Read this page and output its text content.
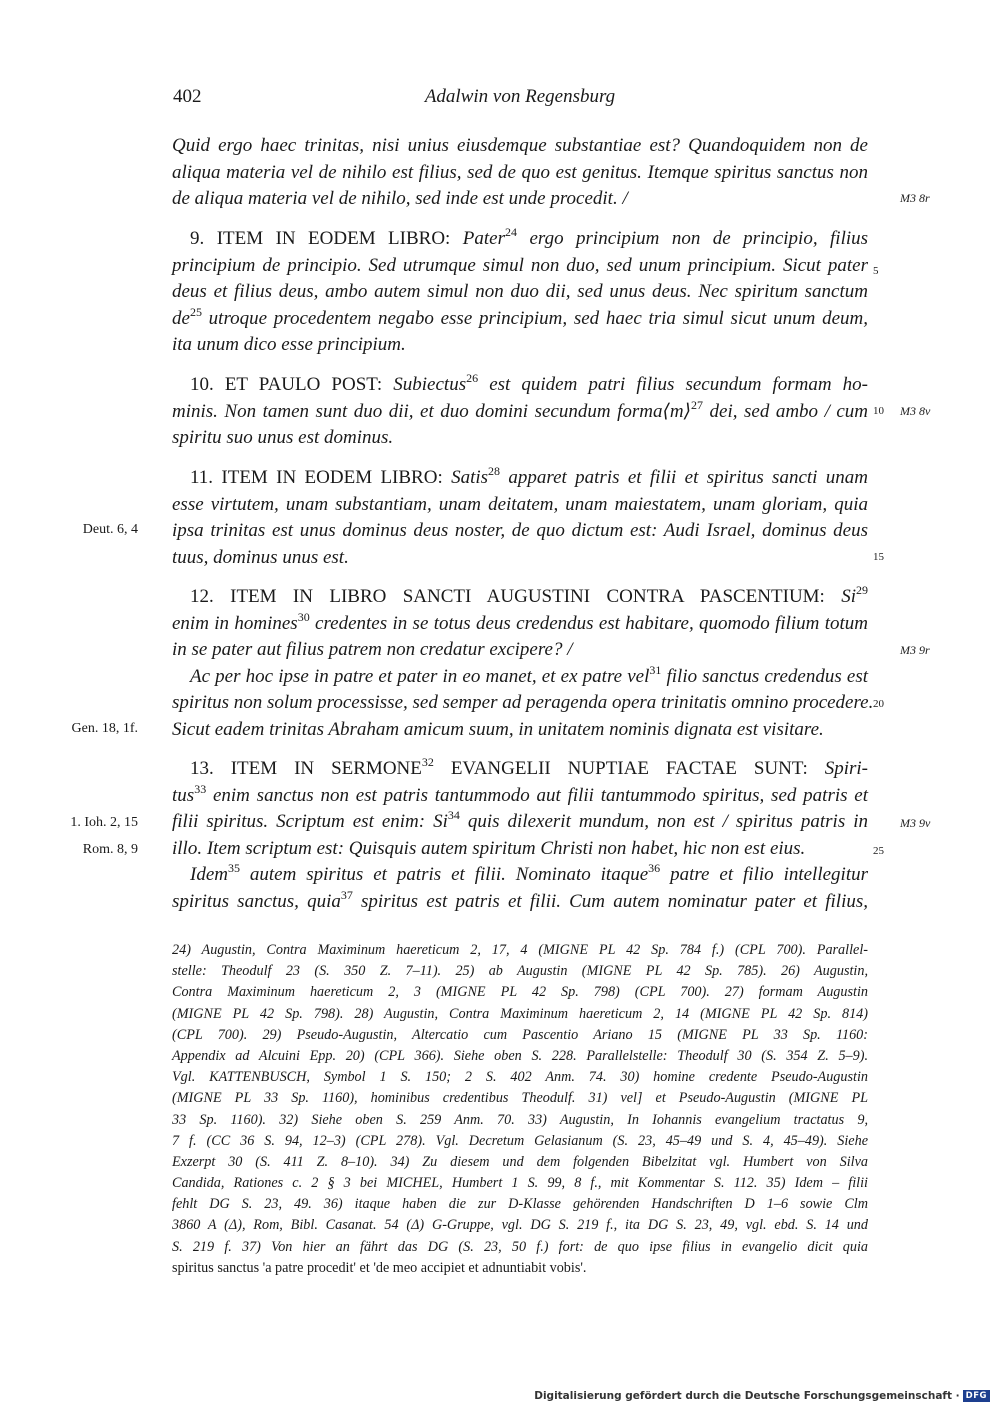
402	Adalwin von Regensburg
Quid ergo haec trinitas, nisi unius eiusdemque substantiae est? Quandoquidem non de
aliqua materia vel de nihilo est filius, sed de quo est genitus. Itemque spiritus sanctus non
de aliqua materia vel de nihilo, sed inde est unde procedit. /
9. ITEM IN EODEM LIBRO: Pater$^{24}$ ergo principium non de principio, filius
principium de principio. Sed utrumque simul non duo, sed unum principium. Sicut pater
deus et filius deus, ambo autem simul non duo dii, sed unus deus. Nec spiritum sanctum
$de^{25}$ utroque procedentem negabo esse principium, sed haec tria simul sicut unum deum,
ita unum dico esse principium.
10. ET PAULO POST: Subiectus$^{26}$ est quidem patri filius secundum formam ho-
minis. Non tamen sunt duo dii, et duo domini secundum forma⟨m⟩$^{27}$ dei, sed ambo / cum
spiritu suo unus est dominus.
11. ITEM IN EODEM LIBRO: Satis$^{28}$ apparet patris et filii et spiritus sancti unam
esse virtutem, unam substantiam, unam deitatem, unam maiestatem, unam gloriam, quia
ipsa trinitas est unus dominus deus noster, de quo dictum est: Audi Israel, dominus deus
tuus, dominus unus est.
12. ITEM IN LIBRO SANCTI AUGUSTINI CONTRA PASCENTIUM: Si$^{29}$
enim in homines$^{30}$ credentes in se totus deus credendus est habitare, quomodo filium totum
in se pater aut filius patrem non credatur excipere? /
Ac per hoc ipse in patre et pater in eo manet, et ex patre vel$^{31}$ filio sanctus credendus est
spiritus non solum processisse, sed semper ad peragenda opera trinitatis omnino procedere.
Sicut eadem trinitas Abraham amicum suum, in unitatem nominis dignata est visitare.
13. ITEM IN SERMONE$^{32}$ EVANGELII NUPTIAE FACTAE SUNT: Spiri-
tus$^{33}$ enim sanctus non est patris tantummodo aut filii tantummodo spiritus, sed patris et
filii spiritus. Scriptum est enim: Si$^{34}$ quis dilexerit mundum, non est / spiritus patris in
illo. Item scriptum est: Quisquis autem spiritum Christi non habet, hic non est eius.
Idem$^{35}$ autem spiritus et patris et filii. Nominato itaque$^{36}$ patre et filio intellegitur
spiritus sanctus, quia$^{37}$ spiritus est patris et filii. Cum autem nominatur pater et filius,
Deut. 6, 4
Gen. 18, 1f.
1. Ioh. 2, 15
Rom. 8, 9
5
10
15
20
25
M3 8r
M3 8v
M3 9r
M3 9v
24) Augustin, Contra Maximinum haereticum 2, 17, 4 (MIGNE PL 42 Sp. 784 f.) (CPL 700). Parallel-
stelle: Theodulf 23 (S. 350 Z. 7–11). 25) ab Augustin (MIGNE PL 42 Sp. 785). 26) Augustin,
Contra Maximinum haereticum 2, 3 (MIGNE PL 42 Sp. 798) (CPL 700). 27) formam Augustin
(MIGNE PL 42 Sp. 798). 28) Augustin, Contra Maximinum haereticum 2, 14 (MIGNE PL 42 Sp. 814)
(CPL 700). 29) Pseudo-Augustin, Altercatio cum Pascentio Ariano 15 (MIGNE PL 33 Sp. 1160:
Appendix ad Alcuini Epp. 20) (CPL 366). Siehe oben S. 228. Parallelstelle: Theodulf 30 (S. 354 Z. 5–9).
Vgl. KATTENBUSCH, Symbol 1 S. 150; 2 S. 402 Anm. 74. 30) homine credente Pseudo-Augustin
(MIGNE PL 33 Sp. 1160), hominibus credentibus Theodulf. 31) vel] et Pseudo-Augustin (MIGNE PL
33 Sp. 1160). 32) Siehe oben S. 259 Anm. 70. 33) Augustin, In Iohannis evangelium tractatus 9,
7 f. (CC 36 S. 94, 12–3) (CPL 278). Vgl. Decretum Gelasianum (S. 23, 45–49 und S. 4, 45–49). Siehe
Exzerpt 30 (S. 411 Z. 8–10). 34) Zu diesem und dem folgenden Bibelzitat vgl. Humbert von Silva
Candida, Rationes c. 2 § 3 bei MICHEL, Humbert 1 S. 99, 8 f., mit Kommentar S. 112. 35) Idem – filii
fehlt DG S. 23, 49. 36) itaque haben die zur D-Klasse gehörenden Handschriften D 1–6 sowie Clm
3860 A (Δ), Rom, Bibl. Casanat. 54 (Δ) G-Gruppe, vgl. DG S. 219 f., ita DG S. 23, 49, vgl. ebd. S. 14 und
S. 219 f. 37) Von hier an fährt das DG (S. 23, 50 f.) fort: de quo ipse filius in evangelio dicit quia
spiritus sanctus 'a patre procedit' et 'de meo accipiet et adnuntiabit vobis'.
Digitalisierung gefördert durch die Deutsche Forschungsgemeinschaft · DFG
